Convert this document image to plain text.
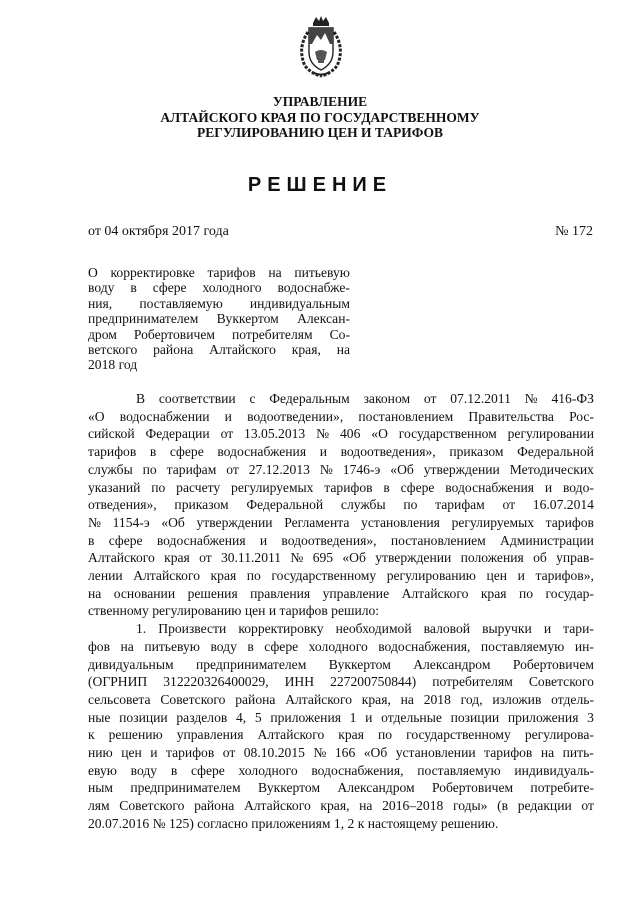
УПРАВЛЕНИЕ
АЛТАЙСКОГО КРАЯ ПО ГОСУДАРСТВЕННОМУ
РЕГУЛИРОВАНИЮ ЦЕН И ТАРИФОВ
РЕШЕНИЕ
от 04 октября 2017 года	№ 172
О корректировке тарифов на питьевую
воду в сфере холодного водоснабже-
ния, поставляемую индивидуальным
предпринимателем Вуккертом Алексан-
дром Робертовичем потребителям Со-
ветского района Алтайского края, на
2018 год
В соответствии с Федеральным законом от 07.12.2011 № 416-ФЗ
«О водоснабжении и водоотведении», постановлением Правительства Рос-
сийской Федерации от 13.05.2013 № 406 «О государственном регулировании
тарифов в сфере водоснабжения и водоотведения», приказом Федеральной
службы по тарифам от 27.12.2013 № 1746-э «Об утверждении Методических
указаний по расчету регулируемых тарифов в сфере водоснабжения и водо-
отведения», приказом Федеральной службы по тарифам от 16.07.2014
№ 1154-э «Об утверждении Регламента установления регулируемых тарифов
в сфере водоснабжения и водоотведения», постановлением Администрации
Алтайского края от 30.11.2011 № 695 «Об утверждении положения об управ-
лении Алтайского края по государственному регулированию цен и тарифов»,
на основании решения правления управление Алтайского края по государ-
ственному регулированию цен и тарифов решило:
1. Произвести корректировку необходимой валовой выручки и тари-
фов на питьевую воду в сфере холодного водоснабжения, поставляемую ин-
дивидуальным предпринимателем Вуккертом Александром Робертовичем
(ОГРНИП 312220326400029, ИНН 227200750844) потребителям Советского
сельсовета Советского района Алтайского края, на 2018 год, изложив отдель-
ные позиции разделов 4, 5 приложения 1 и отдельные позиции приложения 3
к решению управления Алтайского края по государственному регулирова-
нию цен и тарифов от 08.10.2015 № 166 «Об установлении тарифов на пить-
евую воду в сфере холодного водоснабжения, поставляемую индивидуаль-
ным предпринимателем Вуккертом Александром Робертовичем потребите-
лям Советского района Алтайского края, на 2016–2018 годы» (в редакции от
20.07.2016 № 125) согласно приложениям 1, 2 к настоящему решению.
